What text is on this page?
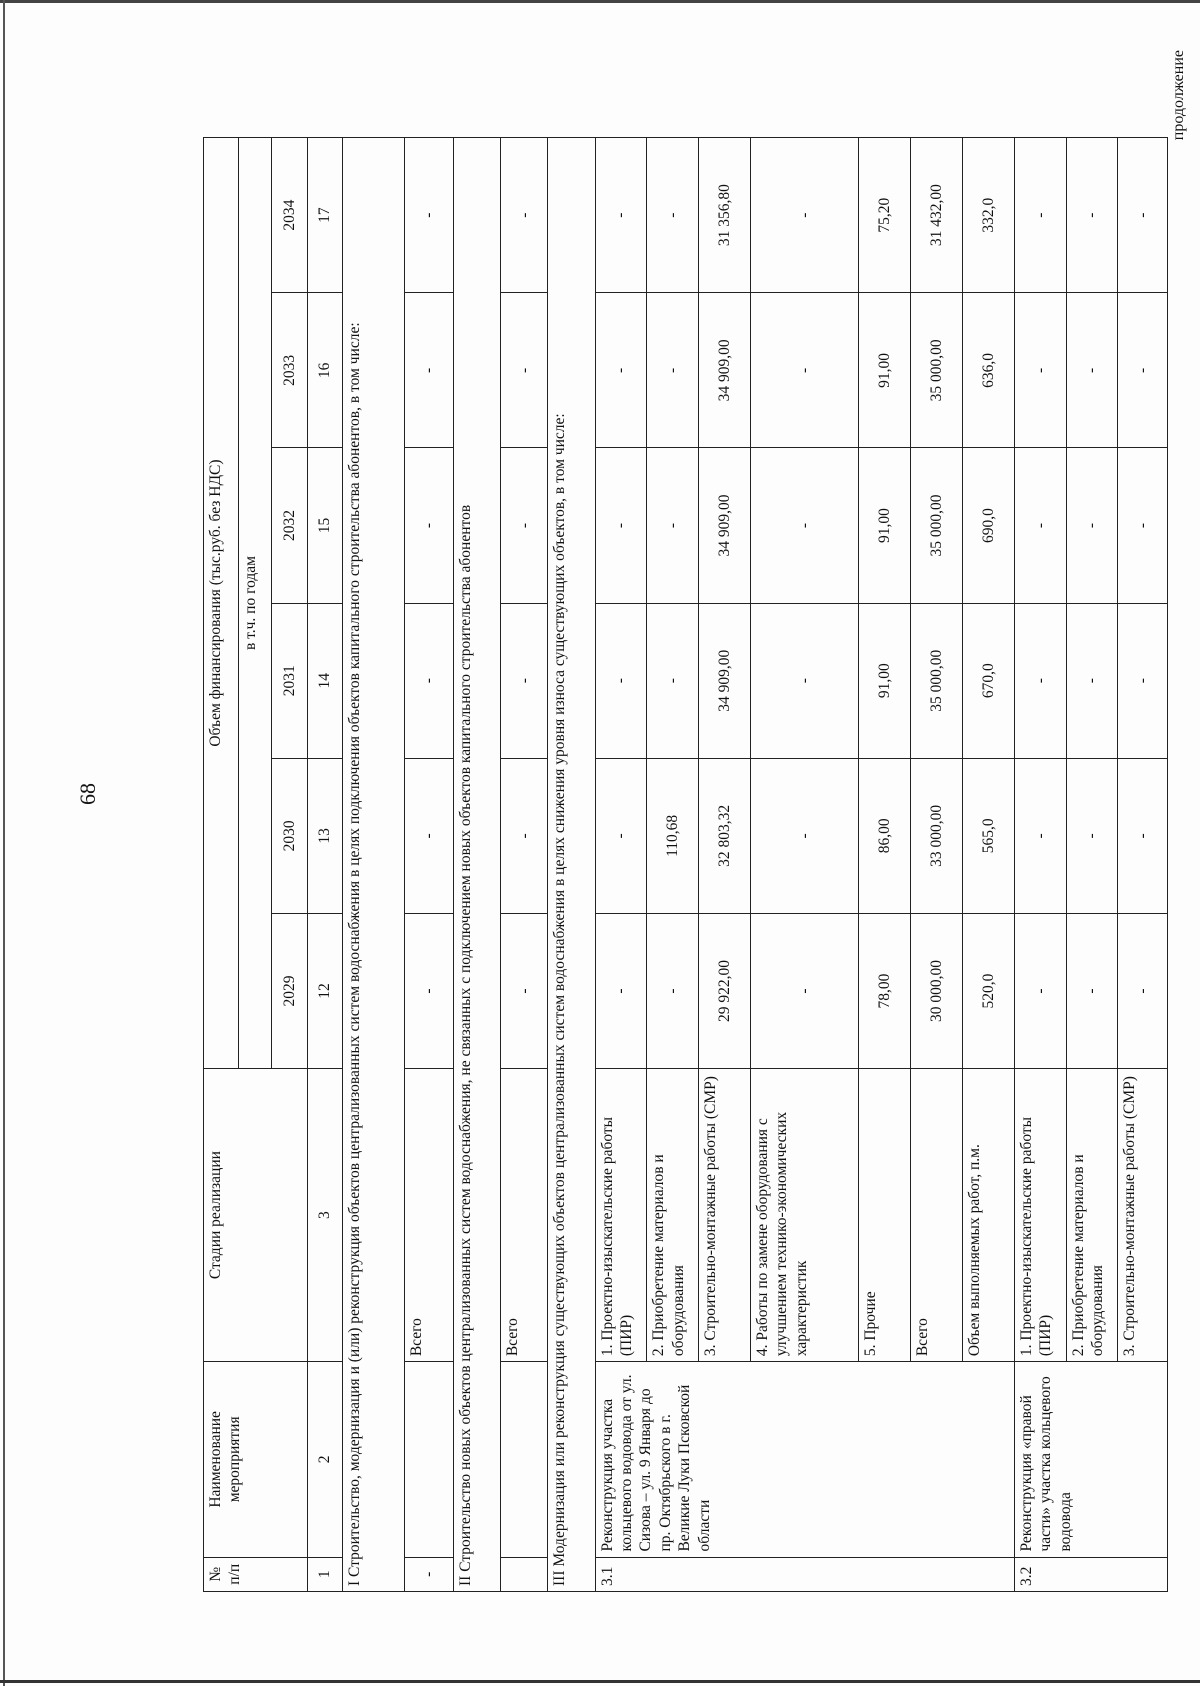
68
продолжение
№ п/п	Наименование мероприятия	Стадии реализации	Объем финансирования (тыс.руб. без НДС)					
			в т.ч. по годам					
			2029	2030	2031	2032	2033	2034
1	2	3	12	13	14	15	16	17
I Строительство, модернизация и (или) реконструкция объектов централизованных систем водоснабжения в целях подключения объектов капитального строительства абонентов, в том числе:								
-		Всего	-	-	-	-	-	-
II Строительство новых объектов централизованных систем водоснабжения, не связанных с подключением новых объектов капитального строительства абонентов								
		Всего	-	-	-	-	-	-
III Модернизация или реконструкция существующих объектов централизованных систем водоснабжения в целях снижения уровня износа существующих объектов, в том числе:								
3.1	Реконструкция участка кольцевого водовода от ул. Сизова – ул. 9 Января до пр. Октябрьского в г. Великие Луки Псковской области	1. Проектно-изыскательские работы (ПИР)	-	-	-	-	-	-
		2. Приобретение материалов и оборудования	-	110,68	-	-	-	-
		3. Строительно-монтажные работы (СМР)	29 922,00	32 803,32	34 909,00	34 909,00	34 909,00	31 356,80
		4. Работы по замене оборудования с улучшением технико-экономических характеристик	-	-	-	-	-	-
		5. Прочие	78,00	86,00	91,00	91,00	91,00	75,20
		Всего	30 000,00	33 000,00	35 000,00	35 000,00	35 000,00	31 432,00
		Объем выполняемых работ, п.м.	520,0	565,0	670,0	690,0	636,0	332,0
3.2	Реконструкция «правой части» участка кольцевого водовода	1. Проектно-изыскательские работы (ПИР)	-	-	-	-	-	-
		2. Приобретение материалов и оборудования	-	-	-	-	-	-
		3. Строительно-монтажные работы (СМР)	-	-	-	-	-	-
